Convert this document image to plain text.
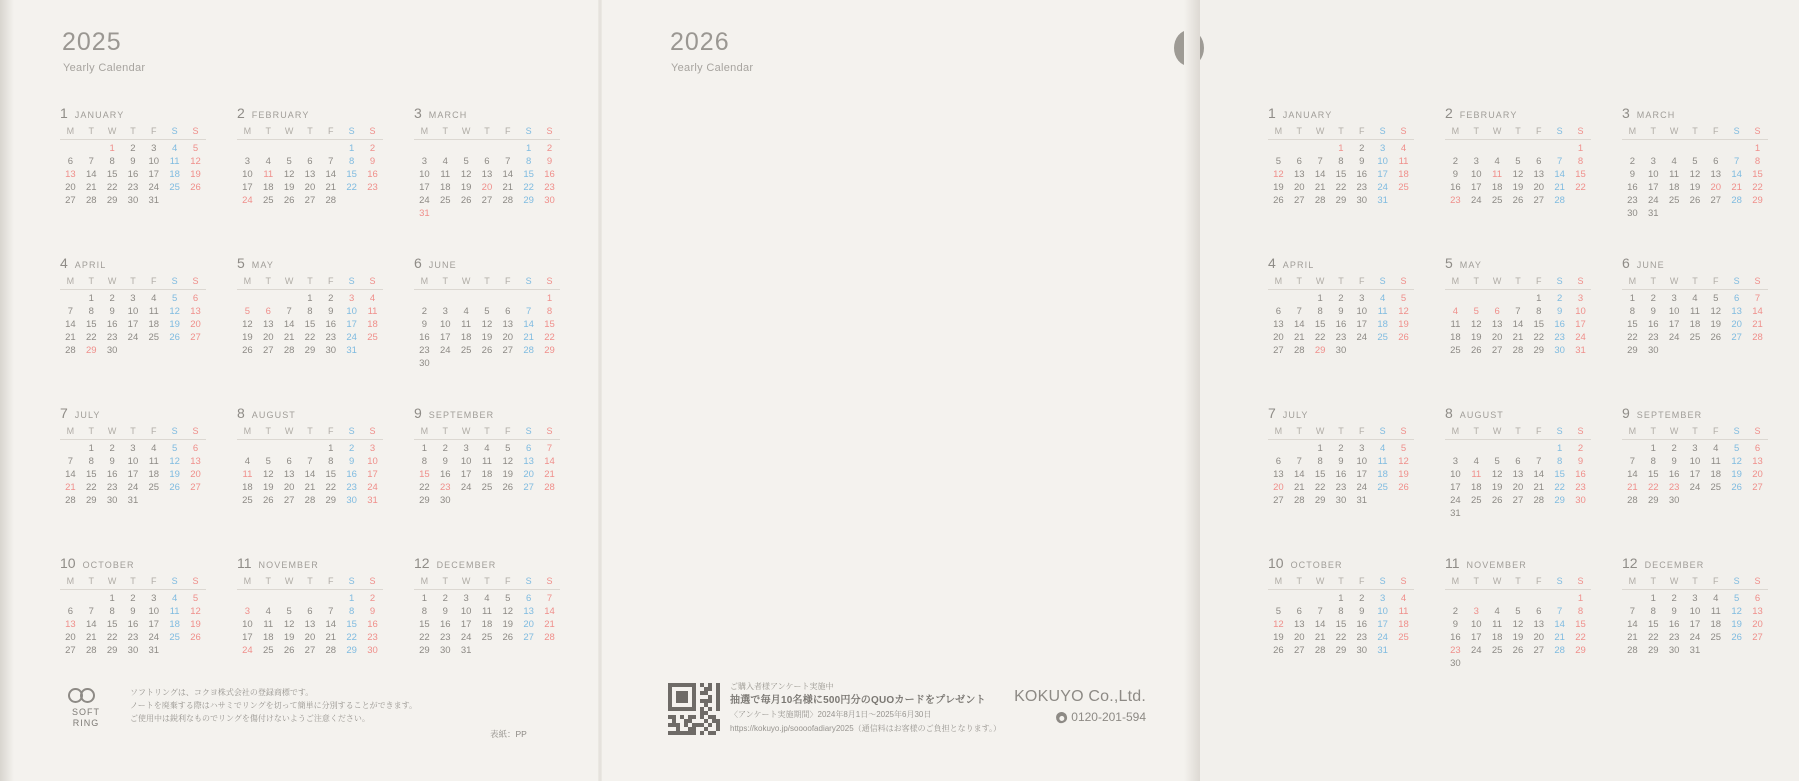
2025
Yearly Calendar
1 JANUARY
M	T	W	T	F	S	S
		1	2	3	4	5
6	7	8	9	10	11	12
13	14	15	16	17	18	19
20	21	22	23	24	25	26
27	28	29	30	31		
2 FEBRUARY
M	T	W	T	F	S	S
					1	2
3	4	5	6	7	8	9
10	11	12	13	14	15	16
17	18	19	20	21	22	23
24	25	26	27	28		
3 MARCH
M	T	W	T	F	S	S
					1	2
3	4	5	6	7	8	9
10	11	12	13	14	15	16
17	18	19	20	21	22	23
24	25	26	27	28	29	30
31						
4 APRIL
M	T	W	T	F	S	S
	1	2	3	4	5	6
7	8	9	10	11	12	13
14	15	16	17	18	19	20
21	22	23	24	25	26	27
28	29	30				
5 MAY
M	T	W	T	F	S	S
			1	2	3	4
5	6	7	8	9	10	11
12	13	14	15	16	17	18
19	20	21	22	23	24	25
26	27	28	29	30	31	
6 JUNE
M	T	W	T	F	S	S
						1
2	3	4	5	6	7	8
9	10	11	12	13	14	15
16	17	18	19	20	21	22
23	24	25	26	27	28	29
30						
7 JULY
M	T	W	T	F	S	S
	1	2	3	4	5	6
7	8	9	10	11	12	13
14	15	16	17	18	19	20
21	22	23	24	25	26	27
28	29	30	31			
8 AUGUST
M	T	W	T	F	S	S
				1	2	3
4	5	6	7	8	9	10
11	12	13	14	15	16	17
18	19	20	21	22	23	24
25	26	27	28	29	30	31
9 SEPTEMBER
M	T	W	T	F	S	S
1	2	3	4	5	6	7
8	9	10	11	12	13	14
15	16	17	18	19	20	21
22	23	24	25	26	27	28
29	30					
10 OCTOBER
M	T	W	T	F	S	S
		1	2	3	4	5
6	7	8	9	10	11	12
13	14	15	16	17	18	19
20	21	22	23	24	25	26
27	28	29	30	31		
11 NOVEMBER
M	T	W	T	F	S	S
					1	2
3	4	5	6	7	8	9
10	11	12	13	14	15	16
17	18	19	20	21	22	23
24	25	26	27	28	29	30
12 DECEMBER
M	T	W	T	F	S	S
1	2	3	4	5	6	7
8	9	10	11	12	13	14
15	16	17	18	19	20	21
22	23	24	25	26	27	28
29	30	31				
2026
Yearly Calendar
1 JANUARY
M	T	W	T	F	S	S
			1	2	3	4
5	6	7	8	9	10	11
12	13	14	15	16	17	18
19	20	21	22	23	24	25
26	27	28	29	30	31	
2 FEBRUARY
M	T	W	T	F	S	S
						1
2	3	4	5	6	7	8
9	10	11	12	13	14	15
16	17	18	19	20	21	22
23	24	25	26	27	28	
3 MARCH
M	T	W	T	F	S	S
						1
2	3	4	5	6	7	8
9	10	11	12	13	14	15
16	17	18	19	20	21	22
23	24	25	26	27	28	29
30	31					
4 APRIL
M	T	W	T	F	S	S
		1	2	3	4	5
6	7	8	9	10	11	12
13	14	15	16	17	18	19
20	21	22	23	24	25	26
27	28	29	30			
5 MAY
M	T	W	T	F	S	S
				1	2	3
4	5	6	7	8	9	10
11	12	13	14	15	16	17
18	19	20	21	22	23	24
25	26	27	28	29	30	31
6 JUNE
M	T	W	T	F	S	S
1	2	3	4	5	6	7
8	9	10	11	12	13	14
15	16	17	18	19	20	21
22	23	24	25	26	27	28
29	30					
7 JULY
M	T	W	T	F	S	S
		1	2	3	4	5
6	7	8	9	10	11	12
13	14	15	16	17	18	19
20	21	22	23	24	25	26
27	28	29	30	31		
8 AUGUST
M	T	W	T	F	S	S
					1	2
3	4	5	6	7	8	9
10	11	12	13	14	15	16
17	18	19	20	21	22	23
24	25	26	27	28	29	30
31						
9 SEPTEMBER
M	T	W	T	F	S	S
	1	2	3	4	5	6
7	8	9	10	11	12	13
14	15	16	17	18	19	20
21	22	23	24	25	26	27
28	29	30				
10 OCTOBER
M	T	W	T	F	S	S
			1	2	3	4
5	6	7	8	9	10	11
12	13	14	15	16	17	18
19	20	21	22	23	24	25
26	27	28	29	30	31	
11 NOVEMBER
M	T	W	T	F	S	S
						1
2	3	4	5	6	7	8
9	10	11	12	13	14	15
16	17	18	19	20	21	22
23	24	25	26	27	28	29
30						
12 DECEMBER
M	T	W	T	F	S	S
	1	2	3	4	5	6
7	8	9	10	11	12	13
14	15	16	17	18	19	20
21	22	23	24	25	26	27
28	29	30	31			
SOFT
RING
ソフトリングは、コクヨ株式会社の登録商標です。
ノートを廃棄する際はハサミでリングを切って簡単に分別することができます。
ご使用中は鋭利なものでリングを傷付けないようご注意ください。
表紙：PP
ご購入者様アンケート実施中
抽選で毎月10名様に500円分のQUOカードをプレゼント
〈アンケート実施期間〉2024年8月1日〜2025年6月30日
https://kokuyo.jp/soooofadiary2025（通信料はお客様のご負担となります。）
KOKUYO Co.,Ltd.
0120-201-594
